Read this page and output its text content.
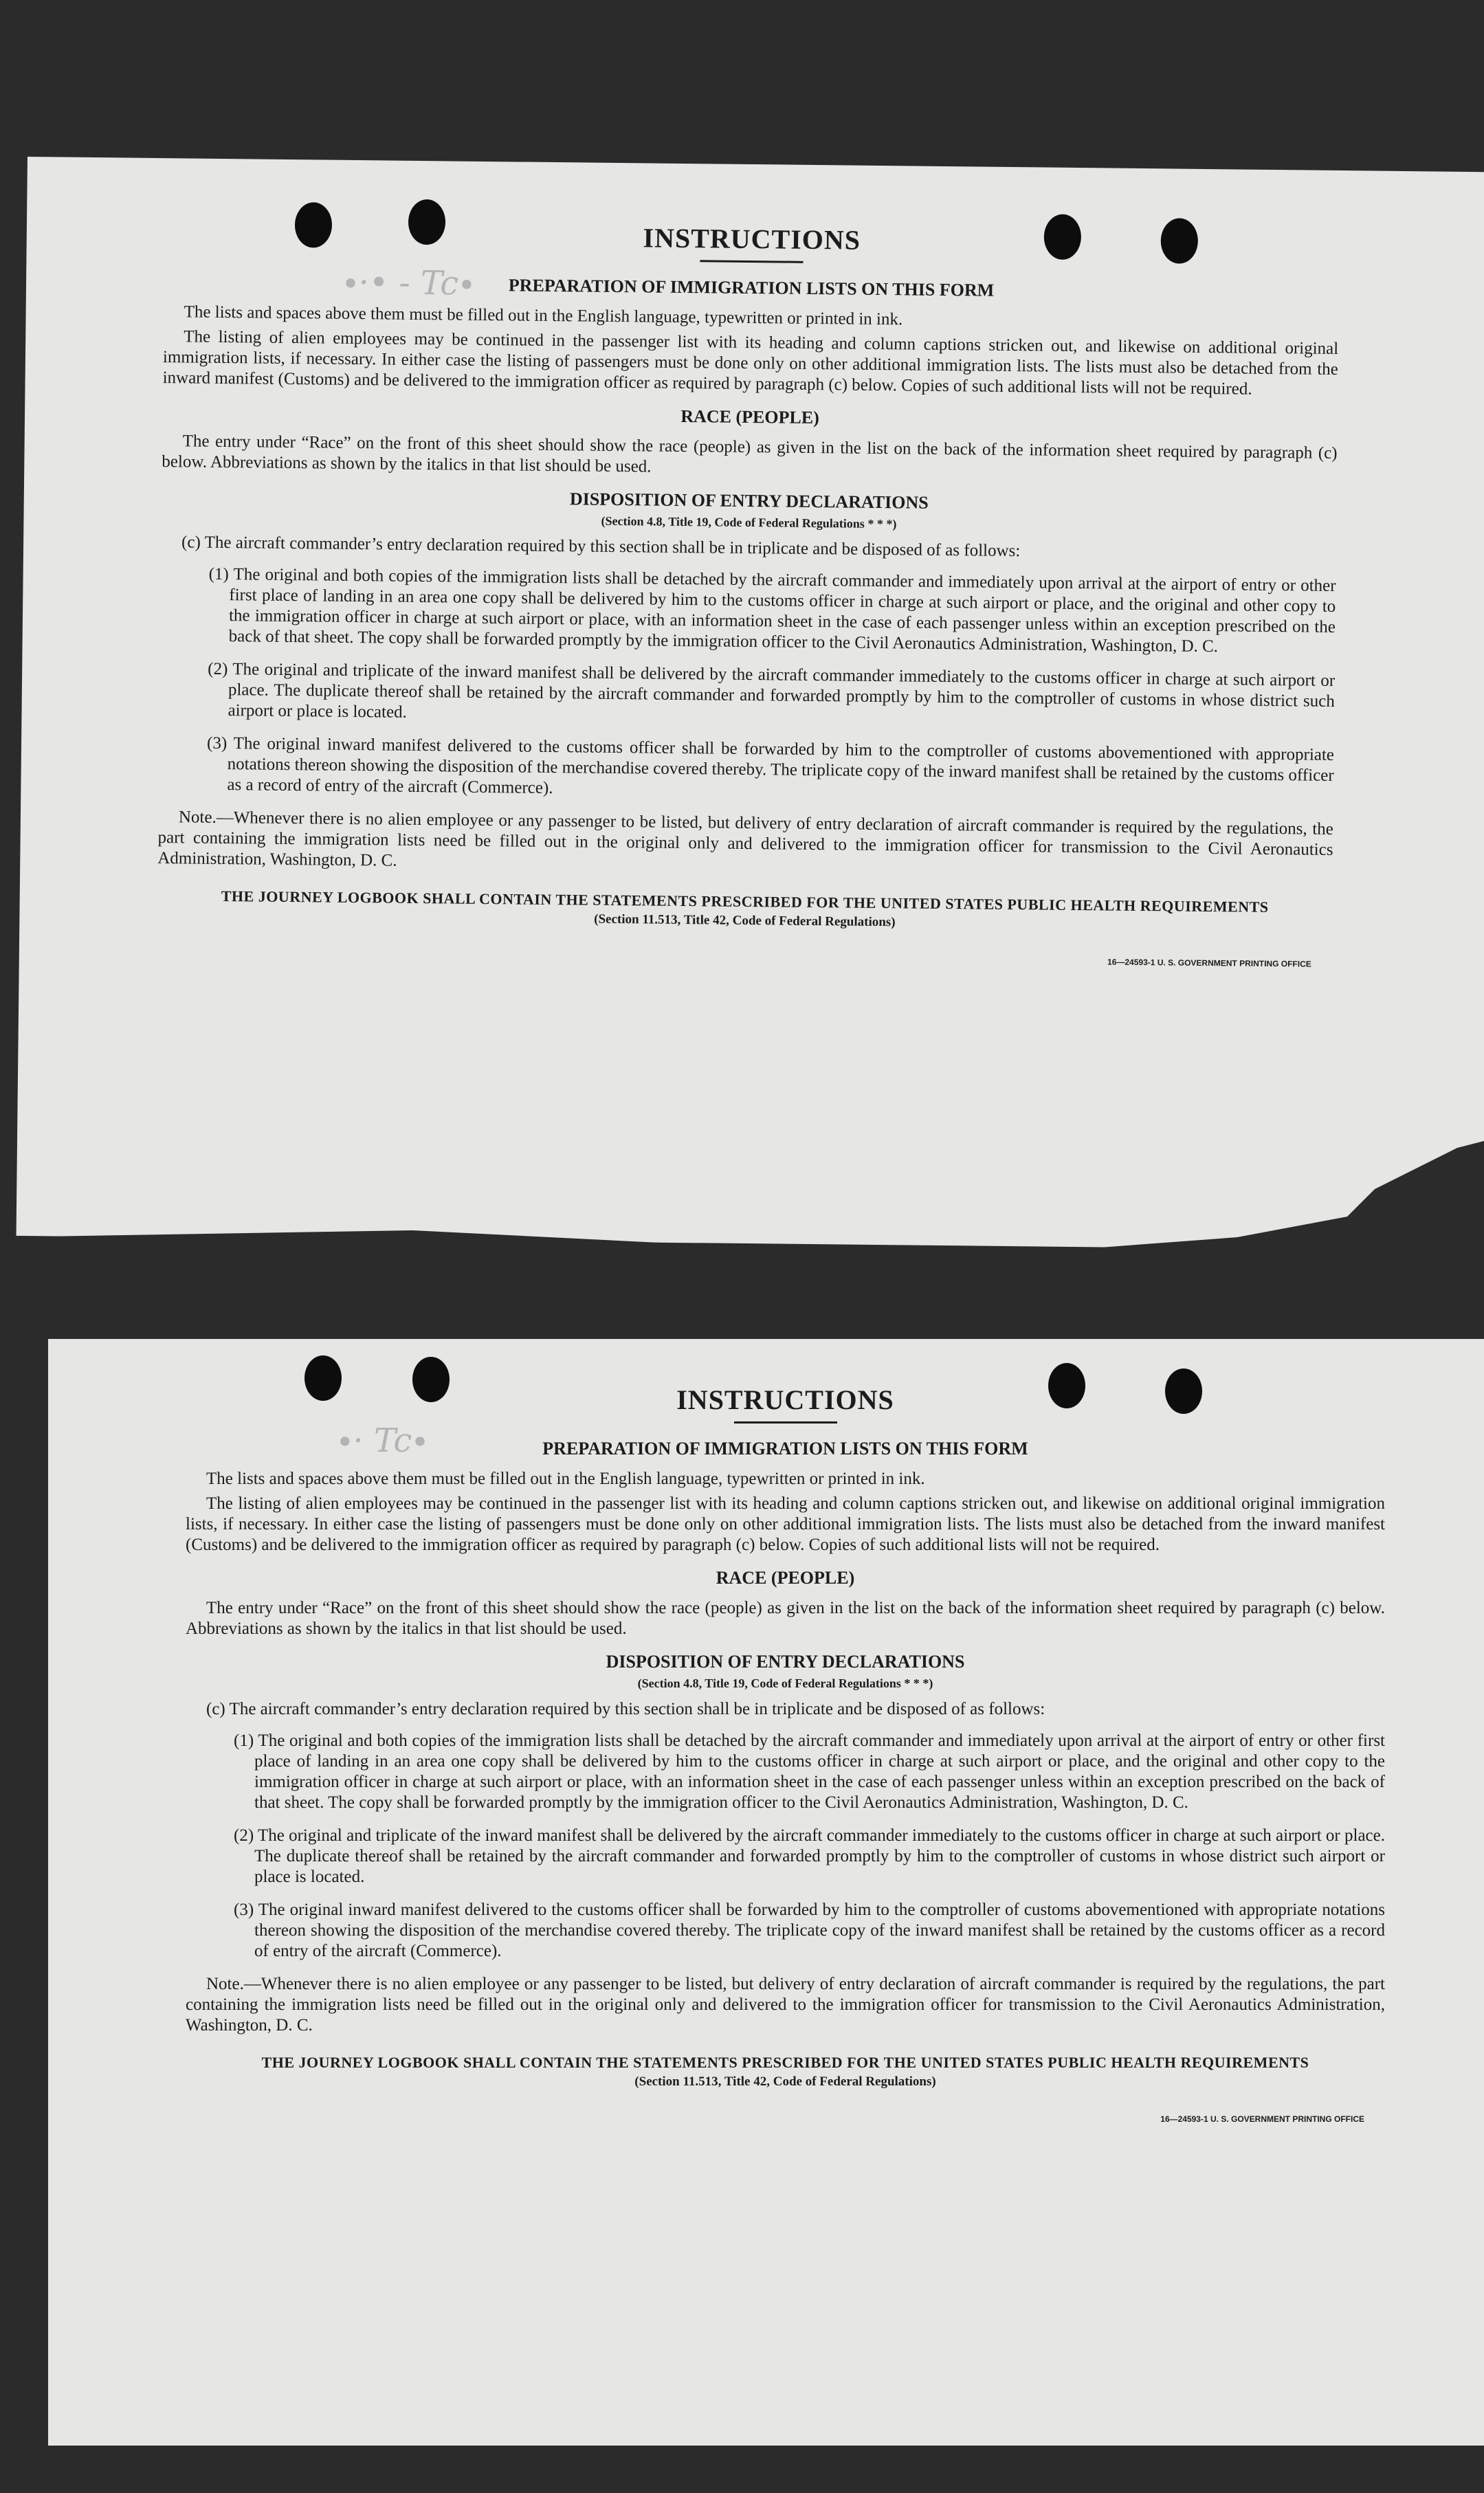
∙·• - Tc∙
INSTRUCTIONS
PREPARATION OF IMMIGRATION LISTS ON THIS FORM

The lists and spaces above them must be filled out in the English language, typewritten or printed in ink.

The listing of alien employees may be continued in the passenger list with its heading and column captions stricken out, and likewise on additional original immigration lists, if necessary. In either case the listing of passengers must be done only on other additional immigration lists. The lists must also be detached from the inward manifest (Customs) and be delivered to the immigration officer as required by paragraph (c) below. Copies of such additional lists will not be required.

RACE (PEOPLE)

The entry under “Race” on the front of this sheet should show the race (people) as given in the list on the back of the information sheet required by paragraph (c) below. Abbreviations as shown by the italics in that list should be used.

DISPOSITION OF ENTRY DECLARATIONS
(Section 4.8, Title 19, Code of Federal Regulations * * *)

(c) The aircraft commander’s entry declaration required by this section shall be in triplicate and be disposed of as follows:

(1) The original and both copies of the immigration lists shall be detached by the aircraft commander and immediately upon arrival at the airport of entry or other first place of landing in an area one copy shall be delivered by him to the customs officer in charge at such airport or place, and the original and other copy to the immigration officer in charge at such airport or place, with an information sheet in the case of each passenger unless within an exception prescribed on the back of that sheet. The copy shall be forwarded promptly by the immigration officer to the Civil Aeronautics Administration, Washington, D. C.

(2) The original and triplicate of the inward manifest shall be delivered by the aircraft commander immediately to the customs officer in charge at such airport or place. The duplicate thereof shall be retained by the aircraft commander and forwarded promptly by him to the comptroller of customs in whose district such airport or place is located.

(3) The original inward manifest delivered to the customs officer shall be forwarded by him to the comptroller of customs abovementioned with appropriate notations thereon showing the disposition of the merchandise covered thereby. The triplicate copy of the inward manifest shall be retained by the customs officer as a record of entry of the aircraft (Commerce).

Note.—Whenever there is no alien employee or any passenger to be listed, but delivery of entry declaration of aircraft commander is required by the regulations, the part containing the immigration lists need be filled out in the original only and delivered to the immigration officer for transmission to the Civil Aeronautics Administration, Washington, D. C.

THE JOURNEY LOGBOOK SHALL CONTAIN THE STATEMENTS PRESCRIBED FOR THE UNITED STATES PUBLIC HEALTH REQUIREMENTS
(Section 11.513, Title 42, Code of Federal Regulations)
16—24593-1 U. S. GOVERNMENT PRINTING OFFICE
∙· Tc∙
INSTRUCTIONS
PREPARATION OF IMMIGRATION LISTS ON THIS FORM

The lists and spaces above them must be filled out in the English language, typewritten or printed in ink.

The listing of alien employees may be continued in the passenger list with its heading and column captions stricken out, and likewise on additional original immigration lists, if necessary. In either case the listing of passengers must be done only on other additional immigration lists. The lists must also be detached from the inward manifest (Customs) and be delivered to the immigration officer as required by paragraph (c) below. Copies of such additional lists will not be required.

RACE (PEOPLE)

The entry under “Race” on the front of this sheet should show the race (people) as given in the list on the back of the information sheet required by paragraph (c) below. Abbreviations as shown by the italics in that list should be used.

DISPOSITION OF ENTRY DECLARATIONS
(Section 4.8, Title 19, Code of Federal Regulations * * *)

(c) The aircraft commander’s entry declaration required by this section shall be in triplicate and be disposed of as follows:

(1) The original and both copies of the immigration lists shall be detached by the aircraft commander and immediately upon arrival at the airport of entry or other first place of landing in an area one copy shall be delivered by him to the customs officer in charge at such airport or place, and the original and other copy to the immigration officer in charge at such airport or place, with an information sheet in the case of each passenger unless within an exception prescribed on the back of that sheet. The copy shall be forwarded promptly by the immigration officer to the Civil Aeronautics Administration, Washington, D. C.

(2) The original and triplicate of the inward manifest shall be delivered by the aircraft commander immediately to the customs officer in charge at such airport or place. The duplicate thereof shall be retained by the aircraft commander and forwarded promptly by him to the comptroller of customs in whose district such airport or place is located.

(3) The original inward manifest delivered to the customs officer shall be forwarded by him to the comptroller of customs abovementioned with appropriate notations thereon showing the disposition of the merchandise covered thereby. The triplicate copy of the inward manifest shall be retained by the customs officer as a record of entry of the aircraft (Commerce).

Note.—Whenever there is no alien employee or any passenger to be listed, but delivery of entry declaration of aircraft commander is required by the regulations, the part containing the immigration lists need be filled out in the original only and delivered to the immigration officer for transmission to the Civil Aeronautics Administration, Washington, D. C.

THE JOURNEY LOGBOOK SHALL CONTAIN THE STATEMENTS PRESCRIBED FOR THE UNITED STATES PUBLIC HEALTH REQUIREMENTS
(Section 11.513, Title 42, Code of Federal Regulations)
16—24593-1 U. S. GOVERNMENT PRINTING OFFICE
